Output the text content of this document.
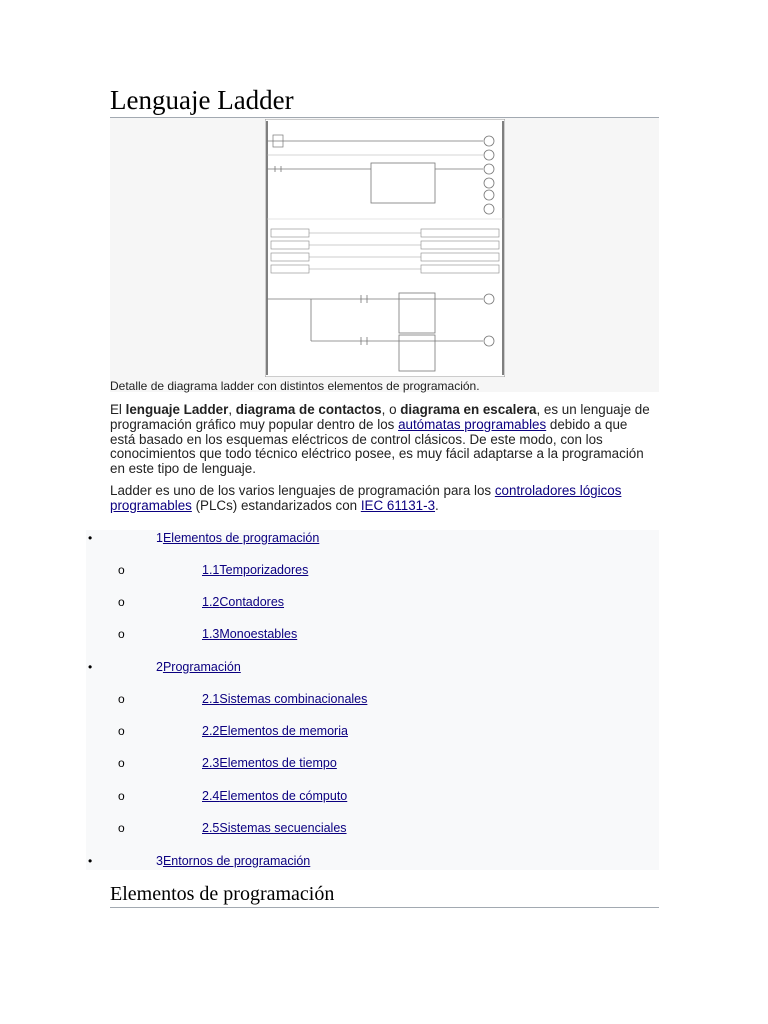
Lenguaje Ladder
Detalle de diagrama ladder con distintos elementos de programación.

El lenguaje Ladder, diagrama de contactos, o diagrama en escalera, es un lenguaje de programación gráfico muy popular dentro de los autómatas programables debido a que está basado en los esquemas eléctricos de control clásicos. De este modo, con los conocimientos que todo técnico eléctrico posee, es muy fácil adaptarse a la programación en este tipo de lenguaje.

Ladder es uno de los varios lenguajes de programación para los controladores lógicos programables (PLCs) estandarizados con IEC 61131-3.

•	1Elementos de programación
o	1.1Temporizadores
o	1.2Contadores
o	1.3Monoestables
•	2Programación
o	2.1Sistemas combinacionales
o	2.2Elementos de memoria
o	2.3Elementos de tiempo
o	2.4Elementos de cómputo
o	2.5Sistemas secuenciales
•	3Entornos de programación
Elementos de programación
